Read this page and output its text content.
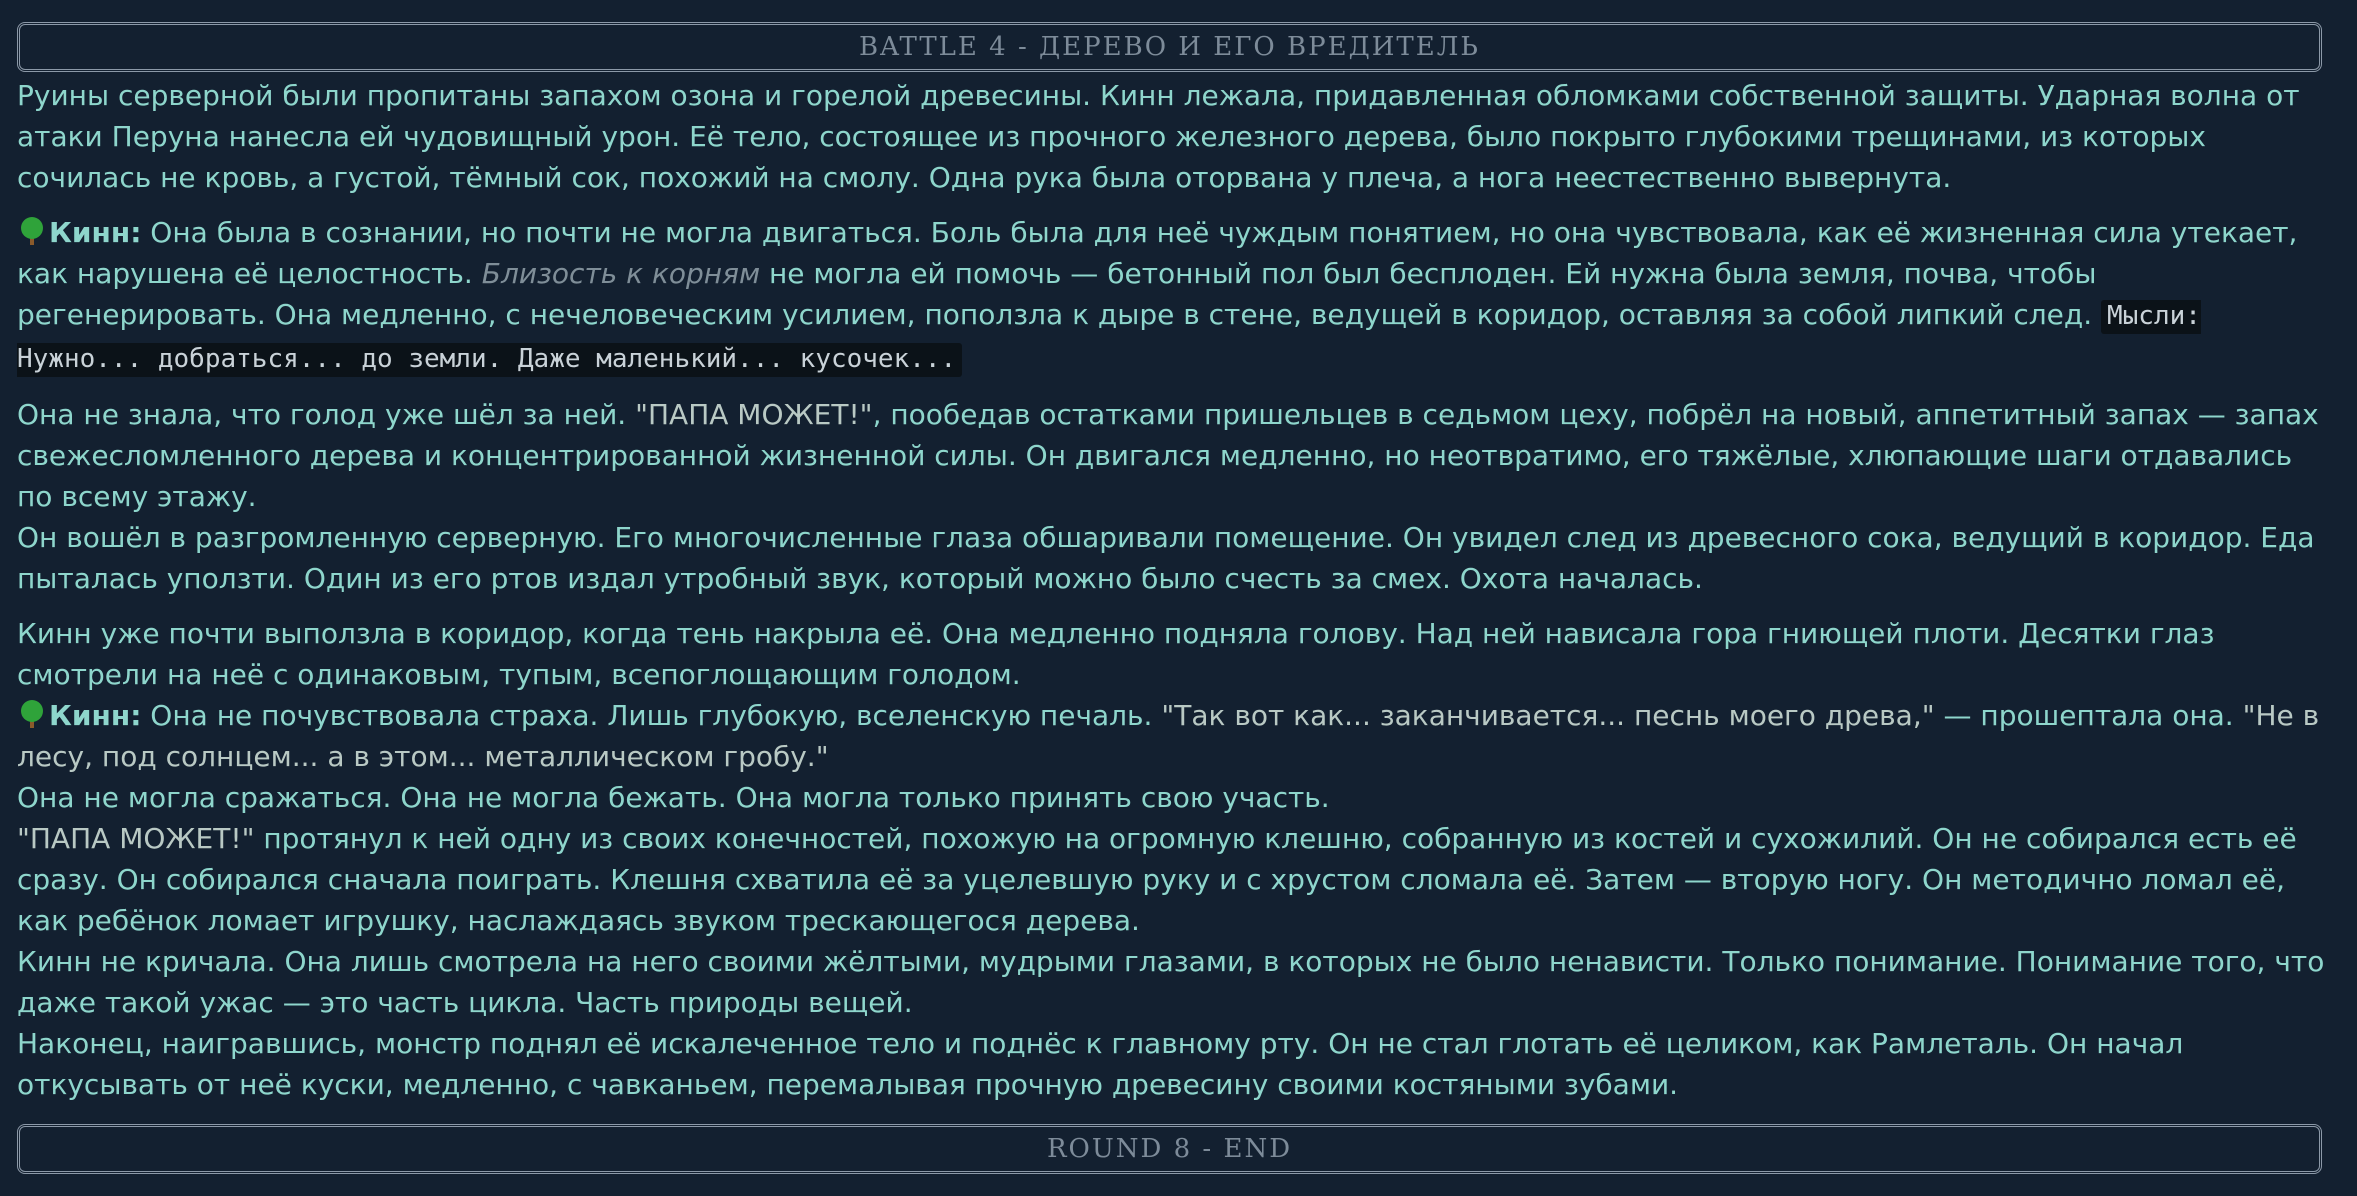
BATTLE 4 - ДЕРЕВО И ЕГО ВРЕДИТЕЛЬ

Руины серверной были пропитаны запахом озона и горелой древесины. Кинн лежала, придавленная обломками собственной защиты. Ударная волна от атаки Перуна нанесла ей чудовищный урон. Её тело, состоящее из прочного железного дерева, было покрыто глубокими трещинами, из которых сочилась не кровь, а густой, тёмный сок, похожий на смолу. Одна рука была оторвана у плеча, а нога неестественно вывернута.

Кинн: Она была в сознании, но почти не могла двигаться. Боль была для неё чуждым понятием, но она чувствовала, как её жизненная сила утекает, как нарушена её целостность. Близость к корням не могла ей помочь — бетонный пол был бесплоден. Ей нужна была земля, почва, чтобы регенерировать. Она медленно, с нечеловеческим усилием, поползла к дыре в стене, ведущей в коридор, оставляя за собой липкий след. Мысли: Нужно... добраться... до земли. Даже маленький... кусочек...

Она не знала, что голод уже шёл за ней. "ПАПА МОЖЕТ!", пообедав остатками пришельцев в седьмом цеху, побрёл на новый, аппетитный запах — запах свежесломленного дерева и концентрированной жизненной силы. Он двигался медленно, но неотвратимо, его тяжёлые, хлюпающие шаги отдавались по всему этажу.

Он вошёл в разгромленную серверную. Его многочисленные глаза обшаривали помещение. Он увидел след из древесного сока, ведущий в коридор. Еда пыталась уползти. Один из его ртов издал утробный звук, который можно было счесть за смех. Охота началась.

Кинн уже почти выползла в коридор, когда тень накрыла её. Она медленно подняла голову. Над ней нависала гора гниющей плоти. Десятки глаз смотрели на неё с одинаковым, тупым, всепоглощающим голодом.

Кинн: Она не почувствовала страха. Лишь глубокую, вселенскую печаль. "Так вот как... заканчивается... песнь моего древа," — прошептала она. "Не в лесу, под солнцем... а в этом... металлическом гробу."

Она не могла сражаться. Она не могла бежать. Она могла только принять свою участь.

"ПАПА МОЖЕТ!" протянул к ней одну из своих конечностей, похожую на огромную клешню, собранную из костей и сухожилий. Он не собирался есть её сразу. Он собирался сначала поиграть. Клешня схватила её за уцелевшую руку и с хрустом сломала её. Затем — вторую ногу. Он методично ломал её, как ребёнок ломает игрушку, наслаждаясь звуком трескающегося дерева.

Кинн не кричала. Она лишь смотрела на него своими жёлтыми, мудрыми глазами, в которых не было ненависти. Только понимание. Понимание того, что даже такой ужас — это часть цикла. Часть природы вещей.

Наконец, наигравшись, монстр поднял её искалеченное тело и поднёс к главному рту. Он не стал глотать её целиком, как Рамлеталь. Он начал откусывать от неё куски, медленно, с чавканьем, перемалывая прочную древесину своими костяными зубами.

ROUND 8 - END
